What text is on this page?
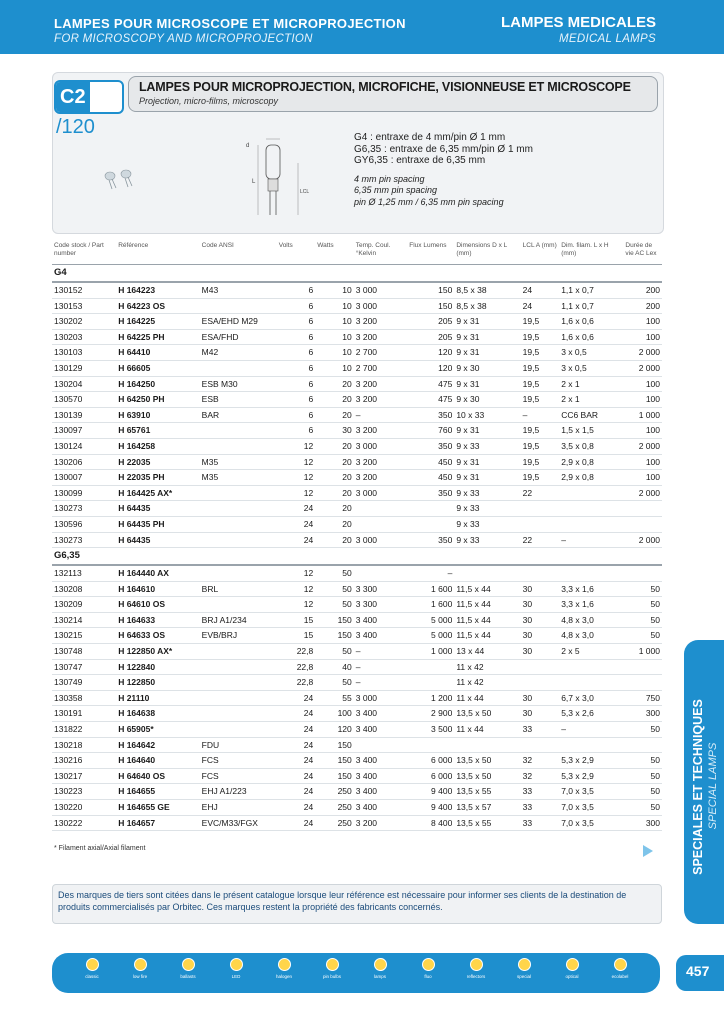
LAMPES POUR MICROSCOPE ET MICROPROJECTION
FOR MICROSCOPY AND MICROPROJECTION
LAMPES MEDICALES
MEDICAL LAMPS
C2/120
LAMPES POUR MICROPROJECTION, MICROFICHE, VISIONNEUSE ET MICROSCOPE
Projection, micro-films, microscopy
d
L
LCL
G4 : entraxe de 4 mm/pin Ø 1 mm
G6,35 : entraxe de 6,35 mm/pin Ø 1 mm
GY6,35 : entraxe de 6,35 mm
4 mm pin spacing
6,35 mm pin spacing
pin Ø 1,25 mm / 6,35 mm pin spacing
Code stock / Part number	Référence	Code ANSI	Volts	Watts	Temp. Coul. °Kelvin	Flux Lumens	Dimensions D x L (mm)	LCL A (mm)	Dim. filam. L x H (mm)	Durée de vie AC Lex
G4										
130152	H 164223	M43	6	10	3 000	150	8,5 x 38	24	1,1 x 0,7	200
130153	H 64223 OS		6	10	3 000	150	8,5 x 38	24	1,1 x 0,7	200
130202	H 164225	ESA/EHD M29	6	10	3 200	205	9 x 31	19,5	1,6 x 0,6	100
130203	H 64225 PH	ESA/FHD	6	10	3 200	205	9 x 31	19,5	1,6 x 0,6	100
130103	H 64410	M42	6	10	2 700	120	9 x 31	19,5	3 x 0,5	2 000
130129	H 66605		6	10	2 700	120	9 x 30	19,5	3 x 0,5	2 000
130204	H 164250	ESB M30	6	20	3 200	475	9 x 31	19,5	2 x 1	100
130570	H 64250 PH	ESB	6	20	3 200	475	9 x 30	19,5	2 x 1	100
130139	H 63910	BAR	6	20	–	350	10 x 33	–	CC6 BAR	1 000
130097	H 65761		6	30	3 200	760	9 x 31	19,5	1,5 x 1,5	100
130124	H 164258		12	20	3 000	350	9 x 33	19,5	3,5 x 0,8	2 000
130206	H 22035	M35	12	20	3 200	450	9 x 31	19,5	2,9 x 0,8	100
130007	H 22035 PH	M35	12	20	3 200	450	9 x 31	19,5	2,9 x 0,8	100
130099	H 164425 AX*		12	20	3 000	350	9 x 33	22		2 000
130273	H 64435		24	20			9 x 33			
130596	H 64435 PH		24	20			9 x 33			
130273	H 64435		24	20	3 000	350	9 x 33	22	–	2 000
G6,35										
132113	H 164440 AX		12	50		–				
130208	H 164610	BRL	12	50	3 300	1 600	11,5 x 44	30	3,3 x 1,6	50
130209	H 64610 OS		12	50	3 300	1 600	11,5 x 44	30	3,3 x 1,6	50
130214	H 164633	BRJ A1/234	15	150	3 400	5 000	11,5 x 44	30	4,8 x 3,0	50
130215	H 64633 OS	EVB/BRJ	15	150	3 400	5 000	11,5 x 44	30	4,8 x 3,0	50
130748	H 122850 AX*		22,8	50	–	1 000	13 x 44	30	2 x 5	1 000
130747	H 122840		22,8	40	–		11 x 42			
130749	H 122850		22,8	50	–		11 x 42			
130358	H 21110		24	55	3 000	1 200	11 x 44	30	6,7 x 3,0	750
130191	H 164638		24	100	3 400	2 900	13,5 x 50	30	5,3 x 2,6	300
131822	H 65905*		24	120	3 400	3 500	11 x 44	33	–	50
130218	H 164642	FDU	24	150						
130216	H 164640	FCS	24	150	3 400	6 000	13,5 x 50	32	5,3 x 2,9	50
130217	H 64640 OS	FCS	24	150	3 400	6 000	13,5 x 50	32	5,3 x 2,9	50
130223	H 164655	EHJ A1/223	24	250	3 400	9 400	13,5 x 55	33	7,0 x 3,5	50
130220	H 164655 GE	EHJ	24	250	3 400	9 400	13,5 x 57	33	7,0 x 3,5	50
130222	H 164657	EVC/M33/FGX	24	250	3 200	8 400	13,5 x 55	33	7,0 x 3,5	300
* Filament axial/Axial filament

Des marques de tiers sont citées dans le présent catalogue lorsque leur référence est nécessaire pour informer ses clients de la destination de produits commercialisés par Orbitec. Ces marques restent la propriété des fabricants concernés.

SPECIALES ET TECHNIQUES SPECIAL LAMPS
classic	low fire	ballasts	LED	halogen	pin bulbs	lamps	fluo	reflectors	special	optical	ecolabel	457
